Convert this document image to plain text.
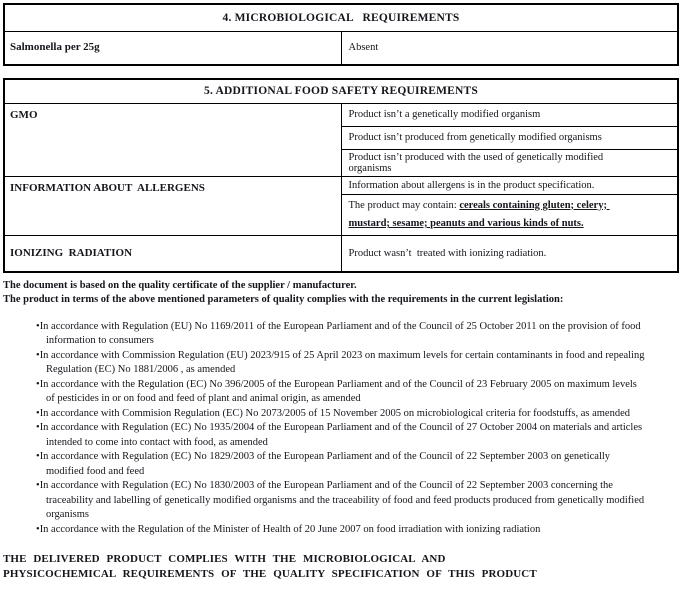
4. MICROBIOLOGICAL   REQUIREMENTS
Salmonella per 25g	Absent
5. ADDITIONAL FOOD SAFETY REQUIREMENTS	
GMO	Product isn’t a genetically modified organism
	Product isn’t produced from genetically modified organisms
	Product isn’t produced with the used of genetically modified organisms
INFORMATION ABOUT  ALLERGENS	Information about allergens is in the product specification.
	The product may contain: cereals containing gluten; celery; mustard; sesame; peanuts and various kinds of nuts.
IONIZING  RADIATION	Product wasn’t  treated with ionizing radiation.
The document is based on the quality certificate of the supplier / manufacturer.
The product in terms of the above mentioned parameters of quality complies with the requirements in the current legislation:
• In accordance with Regulation (EU) No 1169/2011 of the European Parliament and of the Council of 25 October 2011 on the provision of food information to consumers
• In accordance with Commission Regulation (EU) 2023/915 of 25 April 2023 on maximum levels for certain contaminants in food and repealing Regulation (EC) No 1881/2006 , as amended
• In accordance with the Regulation (EC) No 396/2005 of the European Parliament and of the Council of 23 February 2005 on maximum levels of pesticides in or on food and feed of plant and animal origin, as amended
• In accordance with Commision Regulation (EC) No 2073/2005 of 15 November 2005 on microbiological criteria for foodstuffs, as amended
• In accordance with Regulation (EC) No 1935/2004 of the European Parliament and of the Council of 27 October 2004 on materials and articles intended to come into contact with food, as amended
• In accordance with Regulation (EC) No 1829/2003 of the European Parliament and of the Council of 22 September 2003 on genetically modified food and feed
• In accordance with Regulation (EC) No 1830/2003 of the European Parliament and of the Council of 22 September 2003 concerning the traceability and labelling of genetically modified organisms and the traceability of food and feed products produced from genetically modified organisms
• In accordance with the Regulation of the Minister of Health of 20 June 2007 on food irradiation with ionizing radiation
THE DELIVERED PRODUCT COMPLIES WITH THE MICROBIOLOGICAL AND PHYSICOCHEMICAL REQUIREMENTS OF THE QUALITY SPECIFICATION OF THIS PRODUCT
